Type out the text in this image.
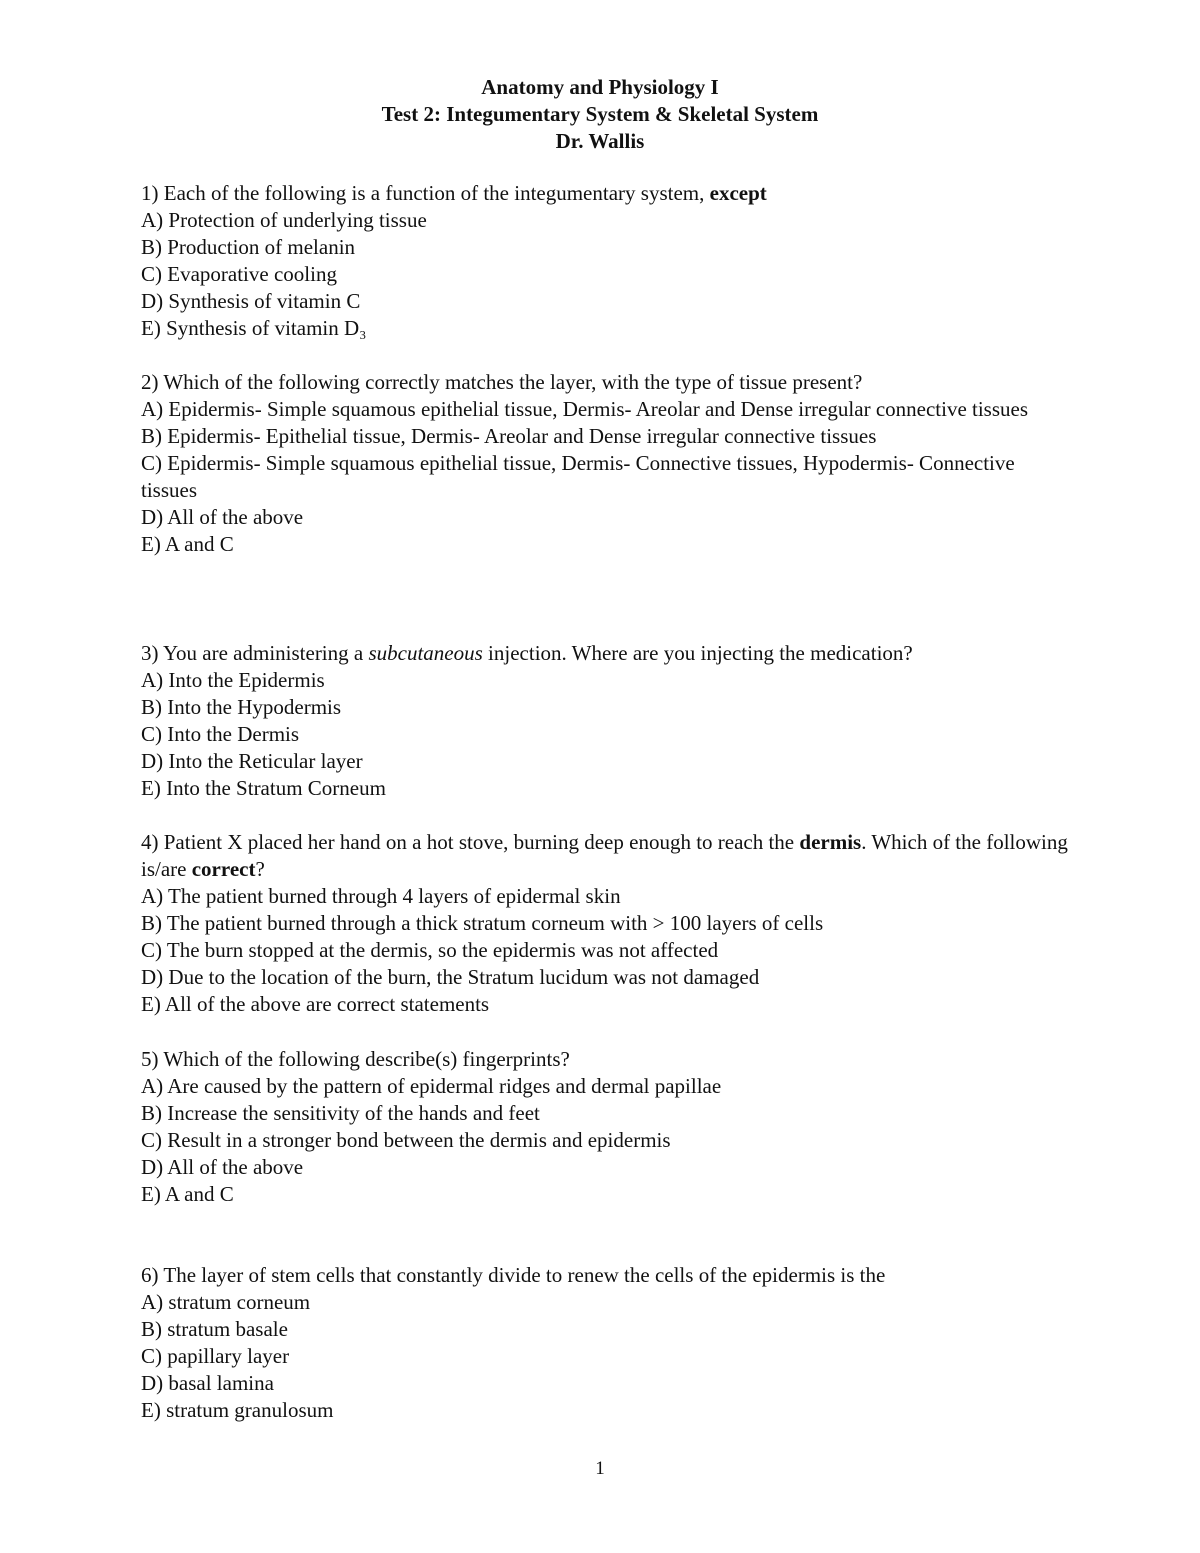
Anatomy and Physiology I
Test 2: Integumentary System & Skeletal System
Dr. Wallis
1) Each of the following is a function of the integumentary system, except
A) Protection of underlying tissue
B) Production of melanin
C) Evaporative cooling
D) Synthesis of vitamin C
E) Synthesis of vitamin D₃
2) Which of the following correctly matches the layer, with the type of tissue present?
A) Epidermis- Simple squamous epithelial tissue, Dermis- Areolar and Dense irregular connective tissues
B) Epidermis- Epithelial tissue, Dermis- Areolar and Dense irregular connective tissues
C) Epidermis- Simple squamous epithelial tissue, Dermis- Connective tissues, Hypodermis- Connective tissues
D) All of the above
E) A and C
3) You are administering a subcutaneous injection. Where are you injecting the medication?
A) Into the Epidermis
B) Into the Hypodermis
C) Into the Dermis
D) Into the Reticular layer
E) Into the Stratum Corneum
4) Patient X placed her hand on a hot stove, burning deep enough to reach the dermis. Which of the following is/are correct?
A) The patient burned through 4 layers of epidermal skin
B) The patient burned through a thick stratum corneum with > 100 layers of cells
C) The burn stopped at the dermis, so the epidermis was not affected
D) Due to the location of the burn, the Stratum lucidum was not damaged
E) All of the above are correct statements
5) Which of the following describe(s) fingerprints?
A) Are caused by the pattern of epidermal ridges and dermal papillae
B) Increase the sensitivity of the hands and feet
C) Result in a stronger bond between the dermis and epidermis
D) All of the above
E) A and C
6) The layer of stem cells that constantly divide to renew the cells of the epidermis is the
A) stratum corneum
B) stratum basale
C) papillary layer
D) basal lamina
E) stratum granulosum
1
